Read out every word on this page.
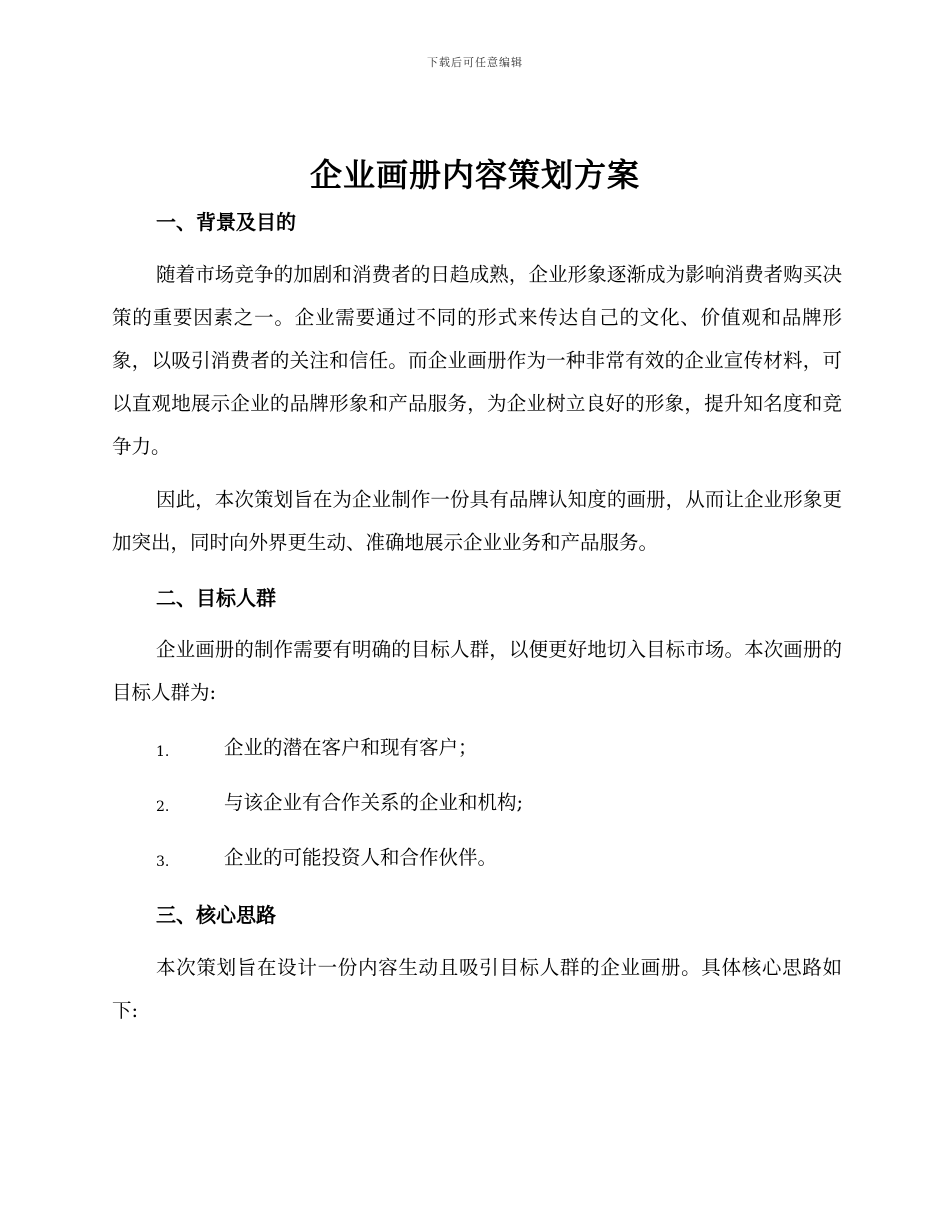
下载后可任意编辑
企业画册内容策划方案
一、背景及目的

随着市场竞争的加剧和消费者的日趋成熟，企业形象逐渐成为影响消费者购买决策的重要因素之一。企业需要通过不同的形式来传达自己的文化、价值观和品牌形象，以吸引消费者的关注和信任。而企业画册作为一种非常有效的企业宣传材料，可以直观地展示企业的品牌形象和产品服务，为企业树立良好的形象，提升知名度和竞争力。

因此，本次策划旨在为企业制作一份具有品牌认知度的画册，从而让企业形象更加突出，同时向外界更生动、准确地展示企业业务和产品服务。

二、目标人群

企业画册的制作需要有明确的目标人群，以便更好地切入目标市场。本次画册的目标人群为:

1.	企业的潜在客户和现有客户；
2.	与该企业有合作关系的企业和机构;
3.	企业的可能投资人和合作伙伴。
三、核心思路

本次策划旨在设计一份内容生动且吸引目标人群的企业画册。具体核心思路如下:
